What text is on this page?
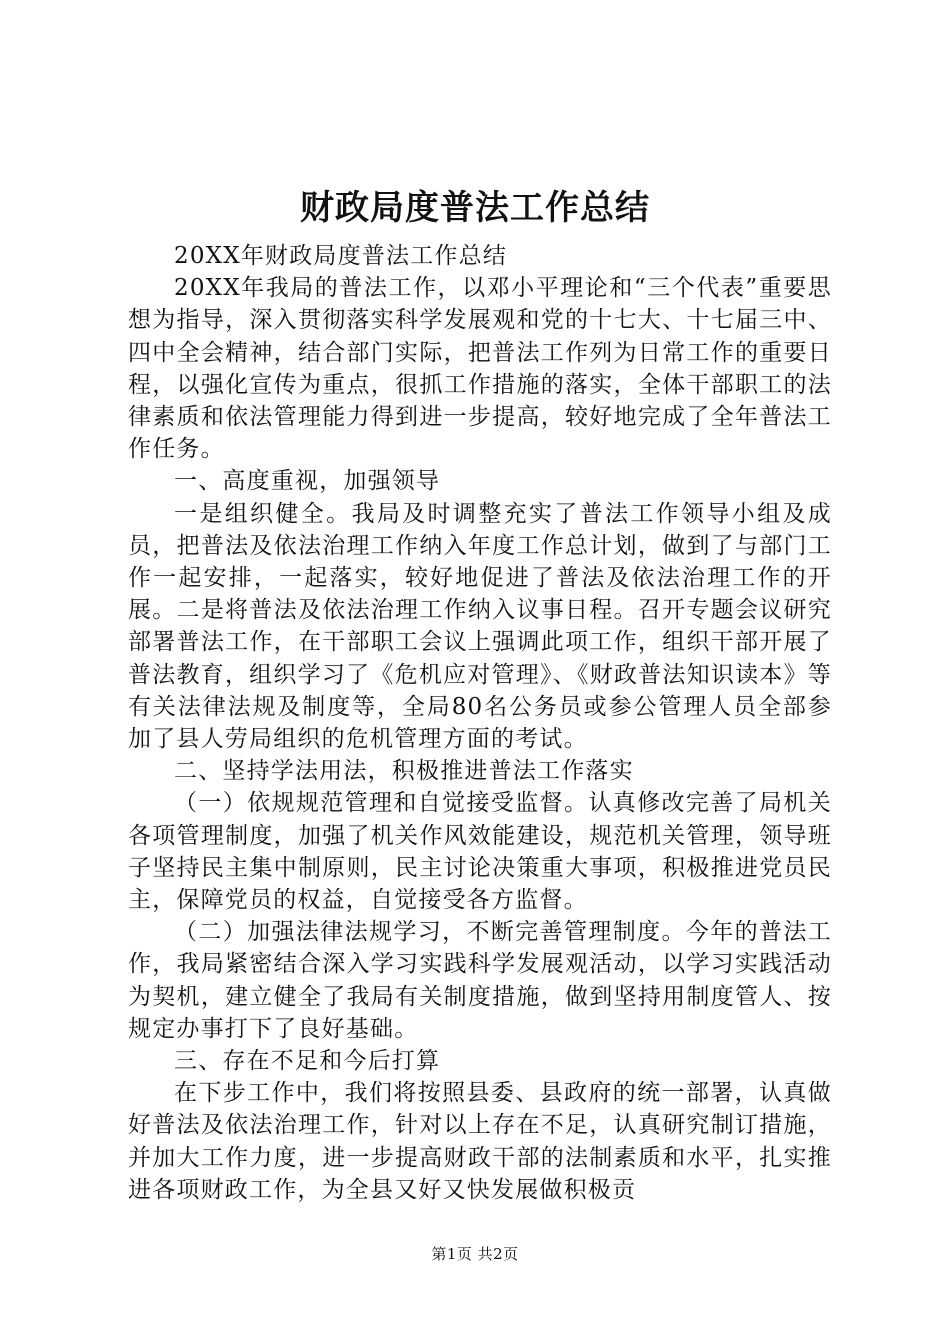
财政局度普法工作总结

20XX年财政局度普法工作总结

20XX年我局的普法工作，以邓小平理论和“三个代表”重要思想为指导，深入贯彻落实科学发展观和党的十七大、十七届三中、四中全会精神，结合部门实际，把普法工作列为日常工作的重要日程，以强化宣传为重点，很抓工作措施的落实，全体干部职工的法律素质和依法管理能力得到进一步提高，较好地完成了全年普法工作任务。

一、高度重视，加强领导

一是组织健全。我局及时调整充实了普法工作领导小组及成员，把普法及依法治理工作纳入年度工作总计划，做到了与部门工作一起安排，一起落实，较好地促进了普法及依法治理工作的开展。二是将普法及依法治理工作纳入议事日程。召开专题会议研究部署普法工作，在干部职工会议上强调此项工作，组织干部开展了普法教育，组织学习了《危机应对管理》、《财政普法知识读本》等有关法律法规及制度等，全局80名公务员或参公管理人员全部参加了县人劳局组织的危机管理方面的考试。

二、坚持学法用法，积极推进普法工作落实

（一）依规规范管理和自觉接受监督。认真修改完善了局机关各项管理制度，加强了机关作风效能建设，规范机关管理，领导班子坚持民主集中制原则，民主讨论决策重大事项，积极推进党员民主，保障党员的权益，自觉接受各方监督。

（二）加强法律法规学习，不断完善管理制度。今年的普法工作，我局紧密结合深入学习实践科学发展观活动，以学习实践活动为契机，建立健全了我局有关制度措施，做到坚持用制度管人、按规定办事打下了良好基础。

三、存在不足和今后打算

在下步工作中，我们将按照县委、县政府的统一部署，认真做好普法及依法治理工作，针对以上存在不足，认真研究制订措施，并加大工作力度，进一步提高财政干部的法制素质和水平，扎实推进各项财政工作，为全县又好又快发展做积极贡

第1页 共2页
